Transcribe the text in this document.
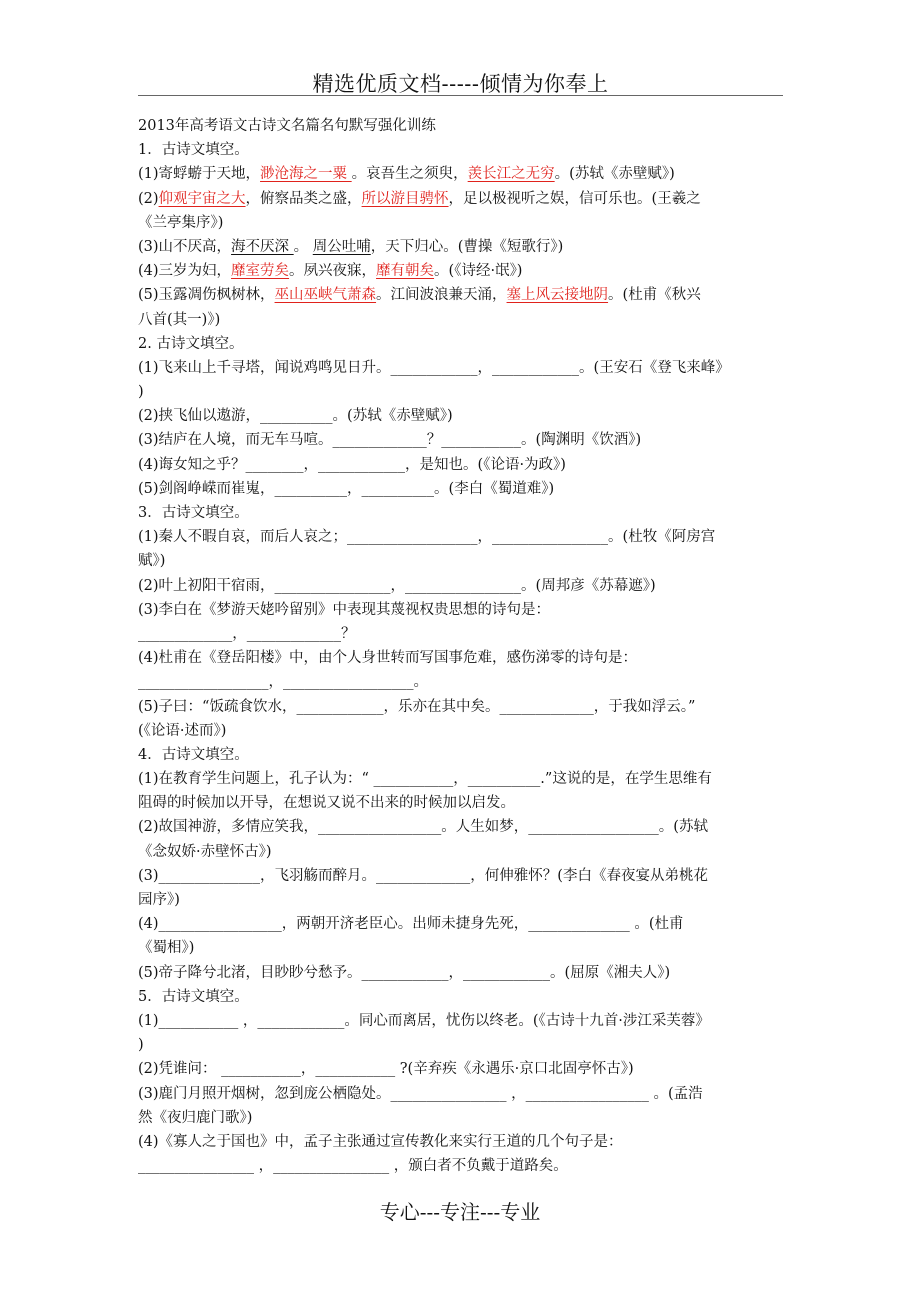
精选优质文档-----倾情为你奉上
2013年高考语文古诗文名篇名句默写强化训练
1．古诗文填空。
(1)寄蜉蝣于天地，渺沧海之一粟 。哀吾生之须臾，羡长江之无穷。(苏轼《赤壁赋》)
(2)仰观宇宙之大，俯察品类之盛，所以游目骋怀，足以极视听之娱，信可乐也。(王羲之
《兰亭集序》)
(3)山不厌高，海不厌深 。 周公吐哺，天下归心。(曹操《短歌行》)
(4)三岁为妇，靡室劳矣。夙兴夜寐，靡有朝矣。(《诗经·氓》)
(5)玉露凋伤枫树林，巫山巫峡气萧森。江间波浪兼天涌，塞上风云接地阴。(杜甫《秋兴
八首(其一)》)
2. 古诗文填空。
(1)飞来山上千寻塔，闻说鸡鸣见日升。____________，____________。(王安石《登飞来峰》
)
(2)挟飞仙以遨游，__________。(苏轼《赤壁赋》)
(3)结庐在人境，而无车马喧。_____________？___________。(陶渊明《饮酒》)
(4)诲女知之乎？________，____________，是知也。(《论语·为政》)
(5)剑阁峥嵘而崔嵬，__________，__________。(李白《蜀道难》)
3．古诗文填空。
(1)秦人不暇自哀，而后人哀之；__________________，________________。(杜牧《阿房宫
赋》)
(2)叶上初阳干宿雨，________________，________________。(周邦彦《苏幕遮》)
(3)李白在《梦游天姥吟留别》中表现其蔑视权贵思想的诗句是：
_____________，_____________？
(4)杜甫在《登岳阳楼》中，由个人身世转而写国事危难，感伤涕零的诗句是：
__________________，__________________。
(5)子曰：“饭疏食饮水，____________，乐亦在其中矣。_____________，于我如浮云。”
(《论语·述而》)
4．古诗文填空。
(1)在教育学生问题上，孔子认为：“ ___________，__________.”这说的是，在学生思维有
阻碍的时候加以开导，在想说又说不出来的时候加以启发。
(2)故国神游，多情应笑我，_________________。人生如梦，__________________。(苏轼
《念奴娇·赤壁怀古》)
(3)______________，飞羽觞而醉月。_____________，何伸雅怀？(李白《春夜宴从弟桃花
园序》)
(4)_________________，两朝开济老臣心。出师未捷身先死，______________ 。(杜甫
《蜀相》)
(5)帝子降兮北渚，目眇眇兮愁予。____________，____________。(屈原《湘夫人》)
5．古诗文填空。
(1)___________ ，____________。同心而离居，忧伤以终老。(《古诗十九首·涉江采芙蓉》
)
(2)凭谁问： ___________，___________ ?(辛弃疾《永遇乐·京口北固亭怀古》)
(3)鹿门月照开烟树，忽到庞公栖隐处。________________ ，_________________ 。(孟浩
然《夜归鹿门歌》)
(4)《寡人之于国也》中，孟子主张通过宣传教化来实行王道的几个句子是：
________________ ，________________ ，颁白者不负戴于道路矣。
专心---专注---专业
